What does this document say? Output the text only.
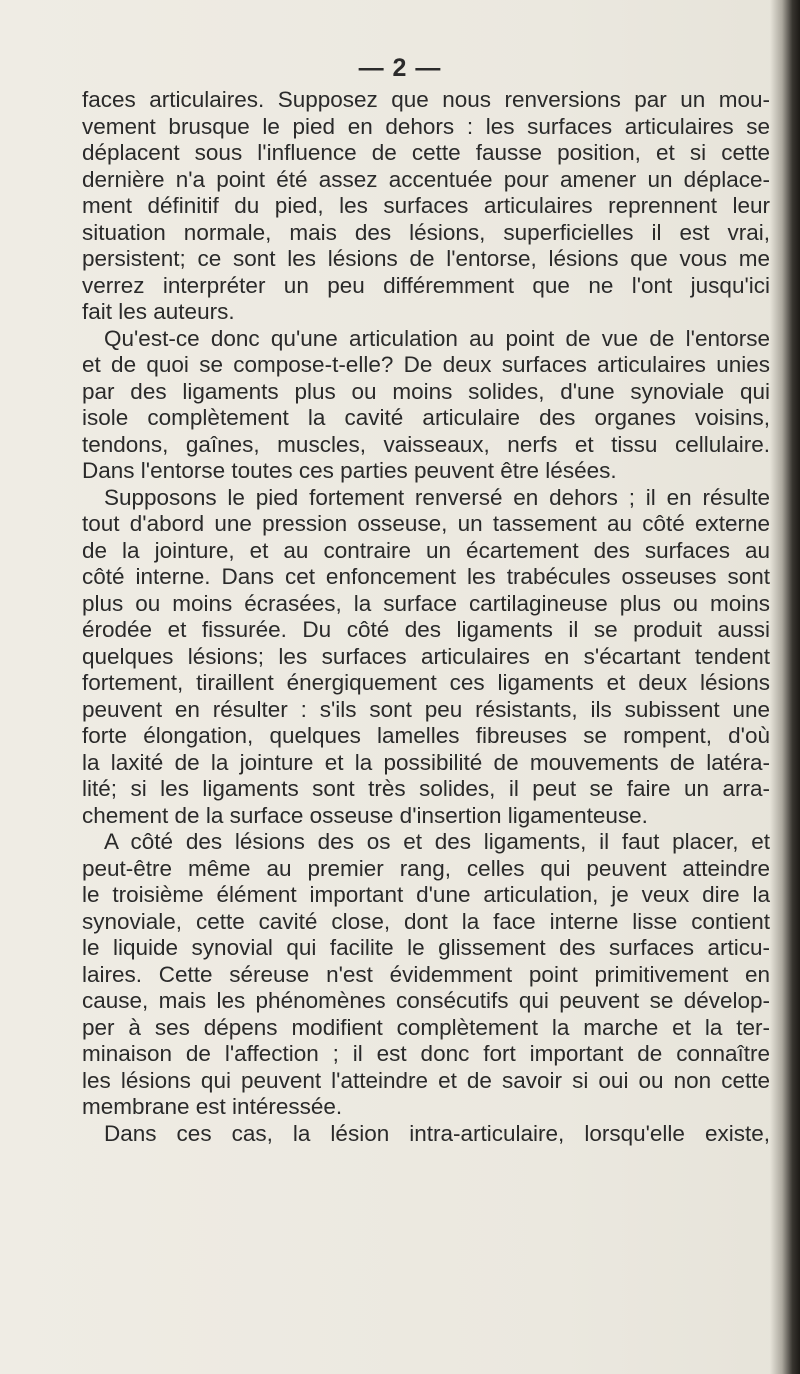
— 2 —
faces articulaires. Supposez que nous renversions par un mou-
vement brusque le pied en dehors : les surfaces articulaires se
déplacent sous l'influence de cette fausse position, et si cette
dernière n'a point été assez accentuée pour amener un déplace-
ment définitif du pied, les surfaces articulaires reprennent leur
situation normale, mais des lésions, superficielles il est vrai,
persistent; ce sont les lésions de l'entorse, lésions que vous me
verrez interpréter un peu différemment que ne l'ont jusqu'ici
fait les auteurs.
Qu'est-ce donc qu'une articulation au point de vue de l'entorse
et de quoi se compose-t-elle? De deux surfaces articulaires unies
par des ligaments plus ou moins solides, d'une synoviale qui
isole complètement la cavité articulaire des organes voisins,
tendons, gaînes, muscles, vaisseaux, nerfs et tissu cellulaire.
Dans l'entorse toutes ces parties peuvent être lésées.
Supposons le pied fortement renversé en dehors ; il en résulte
tout d'abord une pression osseuse, un tassement au côté externe
de la jointure, et au contraire un écartement des surfaces au
côté interne. Dans cet enfoncement les trabécules osseuses sont
plus ou moins écrasées, la surface cartilagineuse plus ou moins
érodée et fissurée. Du côté des ligaments il se produit aussi
quelques lésions; les surfaces articulaires en s'écartant tendent
fortement, tiraillent énergiquement ces ligaments et deux lésions
peuvent en résulter : s'ils sont peu résistants, ils subissent une
forte élongation, quelques lamelles fibreuses se rompent, d'où
la laxité de la jointure et la possibilité de mouvements de latéra-
lité; si les ligaments sont très solides, il peut se faire un arra-
chement de la surface osseuse d'insertion ligamenteuse.
A côté des lésions des os et des ligaments, il faut placer, et
peut-être même au premier rang, celles qui peuvent atteindre
le troisième élément important d'une articulation, je veux dire la
synoviale, cette cavité close, dont la face interne lisse contient
le liquide synovial qui facilite le glissement des surfaces articu-
laires. Cette séreuse n'est évidemment point primitivement en
cause, mais les phénomènes consécutifs qui peuvent se dévelop-
per à ses dépens modifient complètement la marche et la ter-
minaison de l'affection ; il est donc fort important de connaître
les lésions qui peuvent l'atteindre et de savoir si oui ou non cette
membrane est intéressée.
Dans ces cas, la lésion intra-articulaire, lorsqu'elle existe,
